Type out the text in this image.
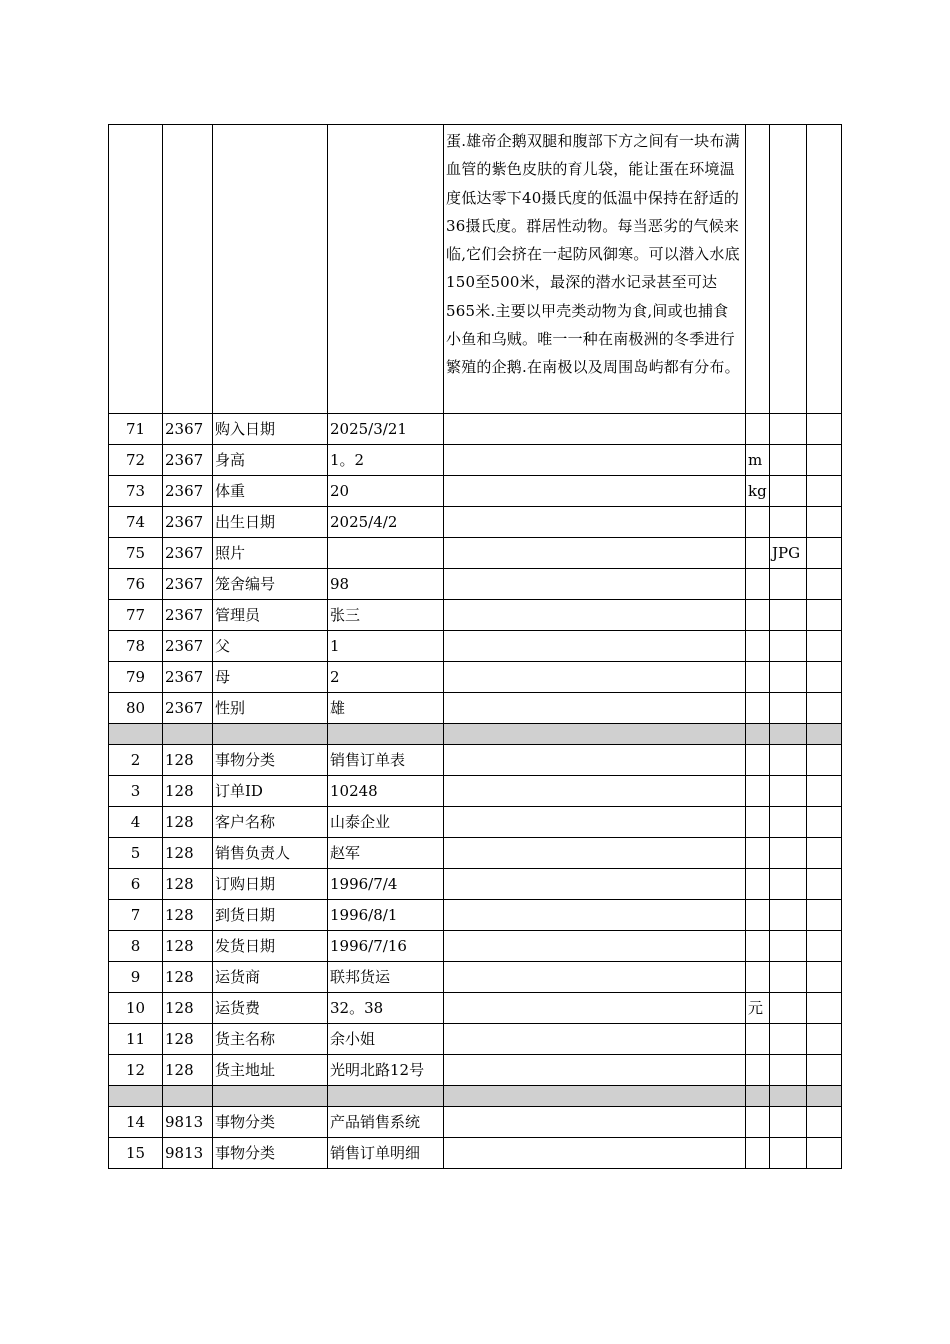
				蛋.雄帝企鹅双腿和腹部下方之间有一块布满血管的紫色皮肤的育儿袋，能让蛋在环境温度低达零下40摄氏度的低温中保持在舒适的36摄氏度。群居性动物。每当恶劣的气候来临,它们会挤在一起防风御寒。可以潜入水底150至500米，最深的潜水记录甚至可达565米.主要以甲壳类动物为食,间或也捕食小鱼和乌贼。唯一一种在南极洲的冬季进行繁殖的企鹅.在南极以及周围岛屿都有分布。			
71	2367	购入日期	2025/3/21				
72	2367	身高	1。2		m		
73	2367	体重	20		kg		
74	2367	出生日期	2025/4/2				
75	2367	照片				JPG	
76	2367	笼舍编号	98				
77	2367	管理员	张三				
78	2367	父	1				
79	2367	母	2				
80	2367	性别	雄				

2	128	事物分类	销售订单表				
3	128	订单ID	10248				
4	128	客户名称	山泰企业				
5	128	销售负责人	赵军				
6	128	订购日期	1996/7/4				
7	128	到货日期	1996/8/1				
8	128	发货日期	1996/7/16				
9	128	运货商	联邦货运				
10	128	运货费	32。38		元		
11	128	货主名称	余小姐				
12	128	货主地址	光明北路12号				

14	9813	事物分类	产品销售系统				
15	9813	事物分类	销售订单明细				
